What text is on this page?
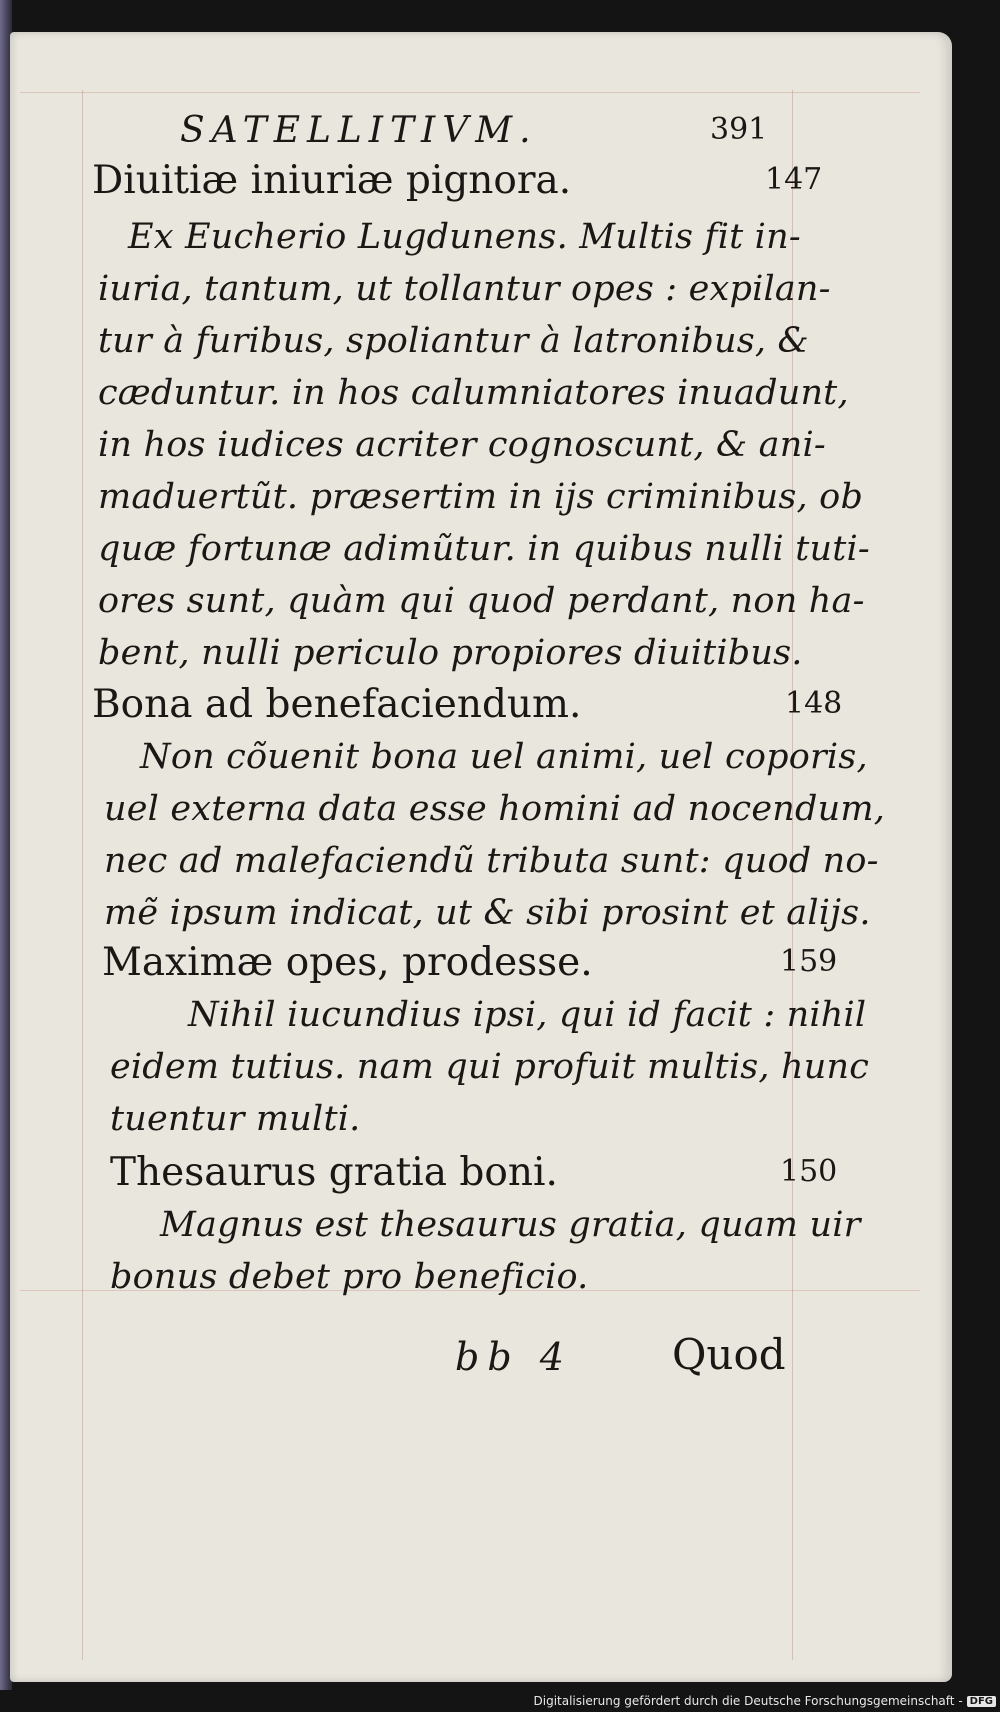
SATELLITIVM.	391
Diuitiæ iniuriæ pignora.	147
Ex Eucherio Lugdunens. Multis fit in-
iuria, tantum, ut tollantur opes : expilan-
tur à furibus, spoliantur à latronibus, &
cæduntur. in hos calumniatores inuadunt,
in hos iudices acriter cognoscunt, & ani-
maduertũt. præsertim in ijs criminibus, ob
quæ fortunæ adimũtur. in quibus nulli tuti-
ores sunt, quàm qui quod perdant, non ha-
bent, nulli periculo propiores diuitibus.
Bona ad benefaciendum.	148
Non cõuenit bona uel animi, uel coporis,
uel externa data esse homini ad nocendum,
nec ad malefaciendũ tributa sunt: quod no-
mẽ ipsum indicat, ut & sibi prosint et alijs.
Maximæ opes, prodesse.	159
Nihil iucundius ipsi, qui id facit : nihil
eidem tutius. nam qui profuit multis, hunc
tuentur multi.
Thesaurus gratia boni.	150
Magnus est thesaurus gratia, quam uir
bonus debet pro beneficio.
bb 4 Quod
Digitalisierung gefördert durch die Deutsche Forschungsgemeinschaft - DFG
